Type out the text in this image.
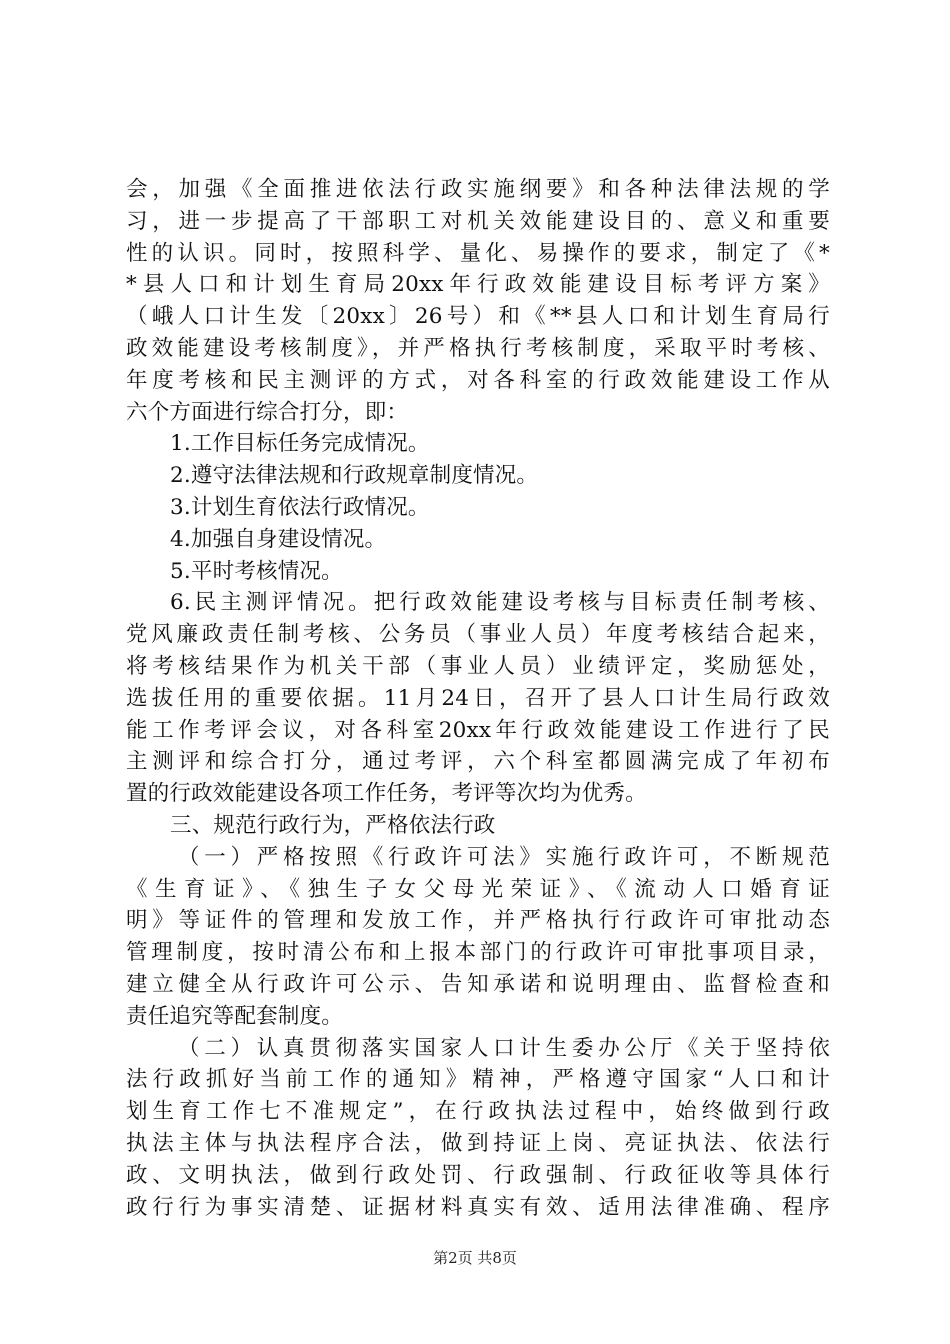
会，加强《全面推进依法行政实施纲要》和各种法律法规的学
习，进一步提高了干部职工对机关效能建设目的、意义和重要
性的认识。同时，按照科学、量化、易操作的要求，制定了《*
*县人口和计划生育局20xx年行政效能建设目标考评方案》
（峨人口计生发〔20xx〕26号）和《**县人口和计划生育局行
政效能建设考核制度》，并严格执行考核制度，采取平时考核、
年度考核和民主测评的方式，对各科室的行政效能建设工作从
六个方面进行综合打分，即：
1.工作目标任务完成情况。
2.遵守法律法规和行政规章制度情况。
3.计划生育依法行政情况。
4.加强自身建设情况。
5.平时考核情况。
6.民主测评情况。把行政效能建设考核与目标责任制考核、
党风廉政责任制考核、公务员（事业人员）年度考核结合起来，
将考核结果作为机关干部（事业人员）业绩评定，奖励惩处，
选拔任用的重要依据。11月24日，召开了县人口计生局行政效
能工作考评会议，对各科室20xx年行政效能建设工作进行了民
主测评和综合打分，通过考评，六个科室都圆满完成了年初布
置的行政效能建设各项工作任务，考评等次均为优秀。
三、规范行政行为，严格依法行政
（一）严格按照《行政许可法》实施行政许可，不断规范
《生育证》、《独生子女父母光荣证》、《流动人口婚育证
明》等证件的管理和发放工作，并严格执行行政许可审批动态
管理制度，按时清公布和上报本部门的行政许可审批事项目录，
建立健全从行政许可公示、告知承诺和说明理由、监督检查和
责任追究等配套制度。
（二）认真贯彻落实国家人口计生委办公厅《关于坚持依
法行政抓好当前工作的通知》精神，严格遵守国家“人口和计
划生育工作七不准规定”，在行政执法过程中，始终做到行政
执法主体与执法程序合法，做到持证上岗、亮证执法、依法行
政、文明执法，做到行政处罚、行政强制、行政征收等具体行
政行行为事实清楚、证据材料真实有效、适用法律准确、程序
第2页 共8页
